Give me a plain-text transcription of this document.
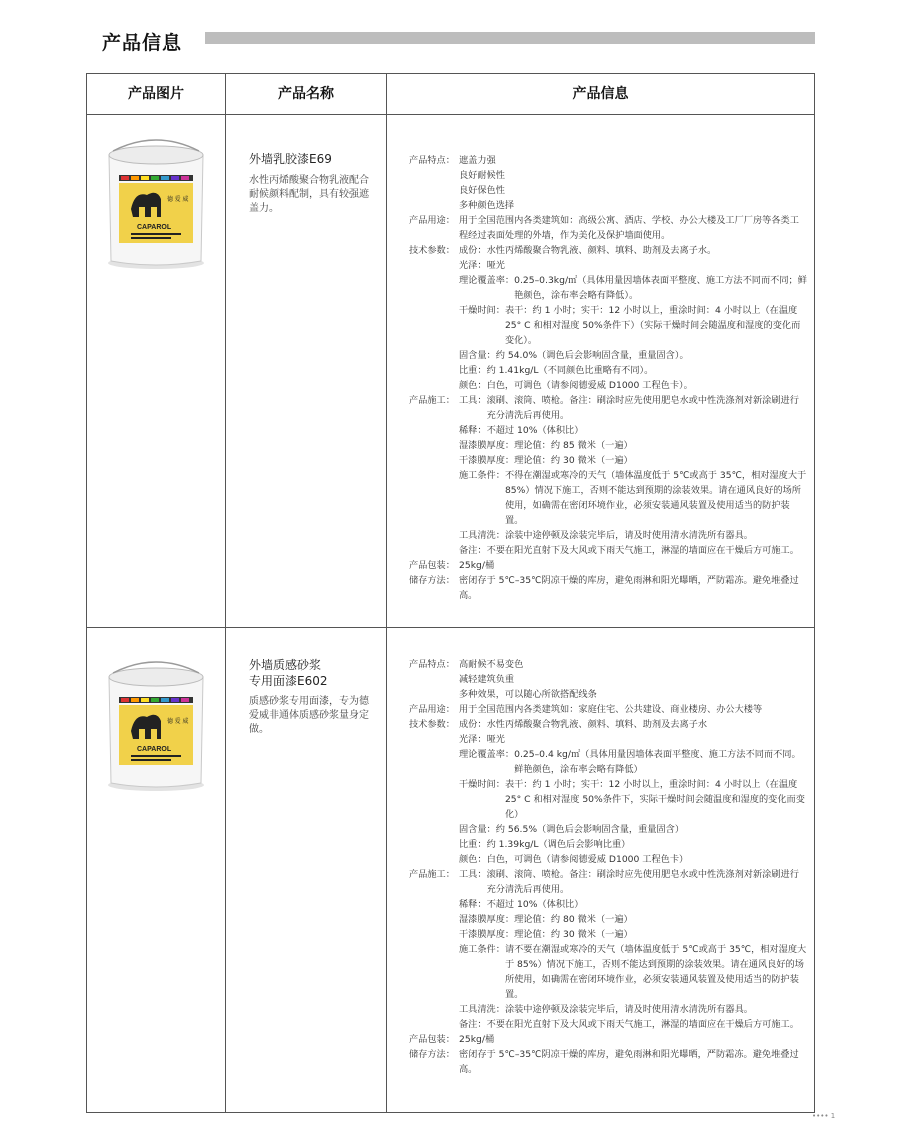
产品信息
产品图片	产品名称	产品信息
德 爱 威
CAPAROL
外墙乳胶漆E69
水性丙烯酸聚合物乳液配合耐候颜料配制，具有较强遮盖力。
产品特点： 遮盖力强
良好耐候性
良好保色性
多种颜色选择
产品用途： 用于全国范围内各类建筑如：高级公寓、酒店、学校、办公大楼及工厂厂房等各类工程经过表面处理的外墙，作为美化及保护墙面使用。
技术参数： 成份： 水性丙烯酸聚合物乳液、颜料、填料、助剂及去离子水。
光泽： 哑光
理论覆盖率： 0.25–0.3kg/㎡（具体用量因墙体表面平整度、施工方法不同而不同；鲜艳颜色，涂布率会略有降低）。
干燥时间： 表干：约 1 小时；实干：12 小时以上，重涂时间：4 小时以上（在温度 25° C 和相对湿度 50%条件下）（实际干燥时间会随温度和湿度的变化而变化）。
固含量： 约 54.0%（调色后会影响固含量，重量固含）。
比重： 约 1.41kg/L（不同颜色比重略有不同）。
颜色： 白色，可调色（请参阅德爱威 D1000 工程色卡）。
产品施工： 工具： 滚刷、滚筒、喷枪。备注：刷涂时应先使用肥皂水或中性洗涤剂对新涂刷进行充分清洗后再使用。
稀释： 不超过 10%（体积比）
湿漆膜厚度： 理论值：约 85 微米（一遍）
干漆膜厚度： 理论值：约 30 微米（一遍）
施工条件： 不得在潮湿或寒冷的天气（墙体温度低于 5℃或高于 35℃，相对湿度大于 85%）情况下施工，否则不能达到预期的涂装效果。请在通风良好的场所使用，如确需在密闭环境作业，必须安装通风装置及使用适当的防护装置。
工具清洗： 涂装中途停顿及涂装完毕后，请及时使用清水清洗所有器具。
备注： 不要在阳光直射下及大风或下雨天气施工，淋湿的墙面应在干燥后方可施工。
产品包装： 25kg/桶
储存方法： 密闭存于 5℃–35℃阴凉干燥的库房，避免雨淋和阳光曝晒，严防霜冻。避免堆叠过高。
德 爱 威
CAPAROL
外墙质感砂浆
专用面漆E602
质感砂浆专用面漆，专为德爱威非通体质感砂浆量身定做。
产品特点： 高耐候不易变色
减轻建筑负重
多种效果，可以随心所欲搭配线条
产品用途： 用于全国范围内各类建筑如：家庭住宅、公共建设、商业楼房、办公大楼等
技术参数： 成份： 水性丙烯酸聚合物乳液、颜料、填料、助剂及去离子水
光泽： 哑光
理论覆盖率： 0.25–0.4 kg/㎡（具体用量因墙体表面平整度、施工方法不同而不同。鲜艳颜色，涂布率会略有降低）
干燥时间： 表干：约 1 小时；实干：12 小时以上，重涂时间：4 小时以上（在温度 25° C 和相对湿度 50%条件下，实际干燥时间会随温度和湿度的变化而变化）
固含量： 约 56.5%（调色后会影响固含量，重量固含）
比重： 约 1.39kg/L（调色后会影响比重）
颜色： 白色，可调色（请参阅德爱威 D1000 工程色卡）
产品施工： 工具： 滚刷、滚筒、喷枪。备注：刷涂时应先使用肥皂水或中性洗涤剂对新涂刷进行充分清洗后再使用。
稀释： 不超过 10%（体积比）
湿漆膜厚度： 理论值：约 80 微米（一遍）
干漆膜厚度： 理论值：约 30 微米（一遍）
施工条件： 请不要在潮湿或寒冷的天气（墙体温度低于 5℃或高于 35℃，相对湿度大于 85%）情况下施工，否则不能达到预期的涂装效果。请在通风良好的场所使用，如确需在密闭环境作业，必须安装通风装置及使用适当的防护装置。
工具清洗： 涂装中途停顿及涂装完毕后，请及时使用清水清洗所有器具。
备注： 不要在阳光直射下及大风或下雨天气施工，淋湿的墙面应在干燥后方可施工。
产品包装： 25kg/桶
储存方法： 密闭存于 5℃–35℃阴凉干燥的库房，避免雨淋和阳光曝晒，严防霜冻。避免堆叠过高。
•••• 1
